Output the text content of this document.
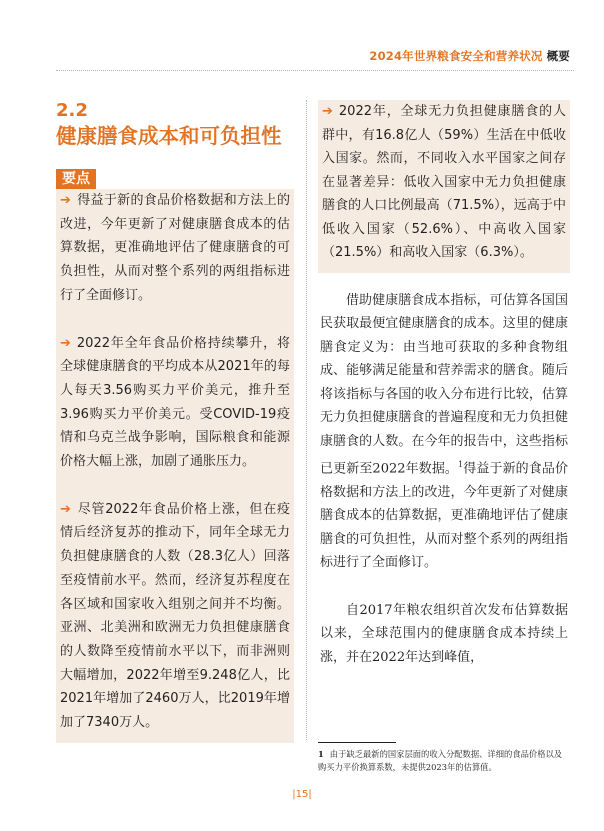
2024年世界粮食安全和营养状况 概要
2.2
健康膳食成本和可负担性
要点

➔ 得益于新的食品价格数据和方法上的改进，今年更新了对健康膳食成本的估算数据，更准确地评估了健康膳食的可负担性，从而对整个系列的两组指标进行了全面修订。

➔ 2022年全年食品价格持续攀升，将全球健康膳食的平均成本从2021年的每人每天3.56购买力平价美元，推升至3.96购买力平价美元。受COVID-19疫情和乌克兰战争影响，国际粮食和能源价格大幅上涨，加剧了通胀压力。

➔ 尽管2022年食品价格上涨，但在疫情后经济复苏的推动下，同年全球无力负担健康膳食的人数（28.3亿人）回落至疫情前水平。然而，经济复苏程度在各区域和国家收入组别之间并不均衡。亚洲、北美洲和欧洲无力负担健康膳食的人数降至疫情前水平以下，而非洲则大幅增加，2022年增至9.248亿人，比2021年增加了2460万人，比2019年增加了7340万人。

➔ 2022年，全球无力负担健康膳食的人群中，有16.8亿人（59%）生活在中低收入国家。然而，不同收入水平国家之间存在显著差异：低收入国家中无力负担健康膳食的人口比例最高（71.5%），远高于中低收入国家（52.6%）、中高收入国家（21.5%）和高收入国家（6.3%）。

借助健康膳食成本指标，可估算各国国民获取最便宜健康膳食的成本。这里的健康膳食定义为：由当地可获取的多种食物组成、能够满足能量和营养需求的膳食。随后将该指标与各国的收入分布进行比较，估算无力负担健康膳食的普遍程度和无力负担健康膳食的人数。在今年的报告中，这些指标已更新至2022年数据。$^1$得益于新的食品价格数据和方法上的改进，今年更新了对健康膳食成本的估算数据，更准确地评估了健康膳食的可负担性，从而对整个系列的两组指标进行了全面修订。

自2017年粮农组织首次发布估算数据以来，全球范围内的健康膳食成本持续上涨，并在2022年达到峰值，

1 由于缺乏最新的国家层面的收入分配数据、详细的食品价格以及购买力平价换算系数，未提供2023年的估算值。
|15|
